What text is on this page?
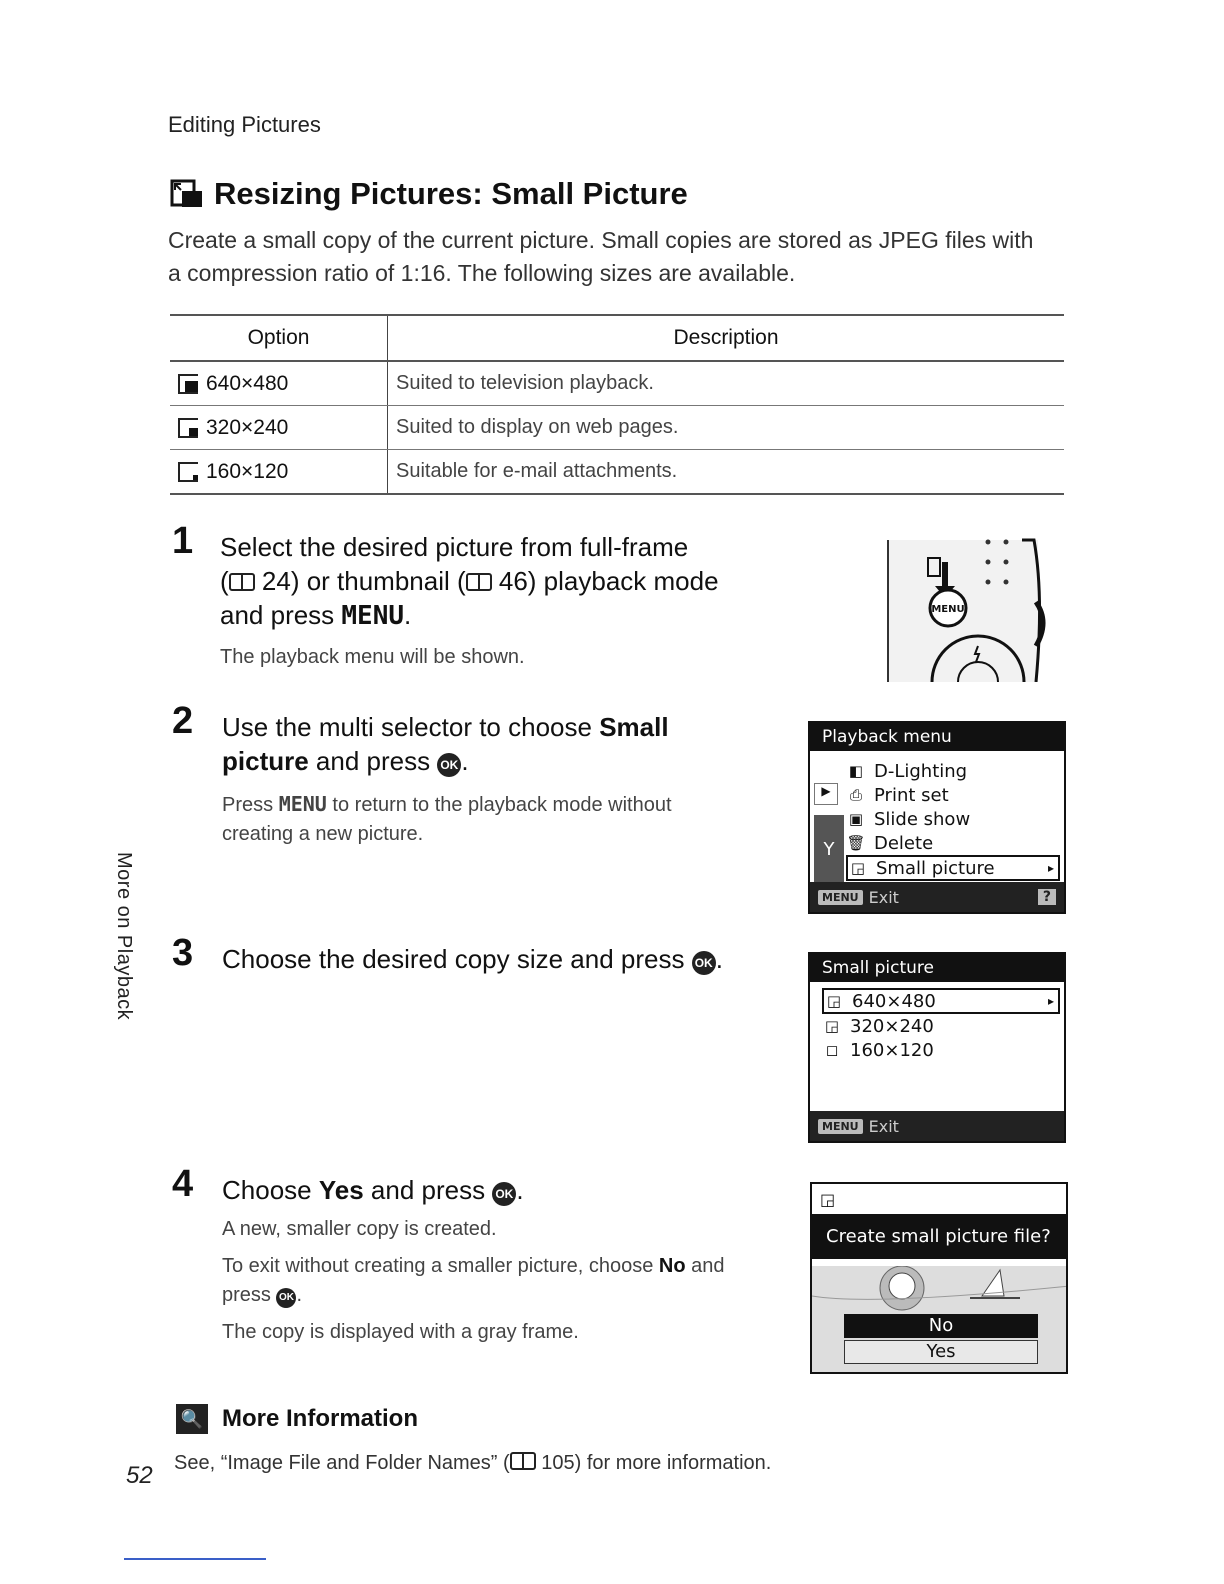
Editing Pictures
Resizing Pictures: Small Picture
Create a small copy of the current picture. Small copies are stored as JPEG files with
a compression ratio of 1:16. The following sizes are available.
Option	Description

640×480	Suited to television playback.

320×240	Suited to display on web pages.

160×120	Suitable for e-mail attachments.
1 Select the desired picture from full-frame
( 24) or thumbnail ( 46) playback mode
and press MENU.
The playback menu will be shown.
MENU
2 Use the multi selector to choose Small
picture and press OK .
Press MENU to return to the playback mode without
creating a new picture.
Playback menu
▶
Y
◧ D-Lighting
⎙ Print set
▣ Slide show
🗑 Delete
◲ Small picture	▸
MENU Exit	?
3 Choose the desired copy size and press OK .	Small picture
◲ 640×480	▸
◲ 320×240
◻ 160×120
MENU Exit
4 Choose Yes and press OK .
A new, smaller copy is created.
To exit without creating a smaller picture, choose No and
press OK .
The copy is displayed with a gray frame.
◲
Create small picture file?
No
Yes
🔍 More Information
See, “Image File and Folder Names” ( 105) for more information.
More on Playback
52
